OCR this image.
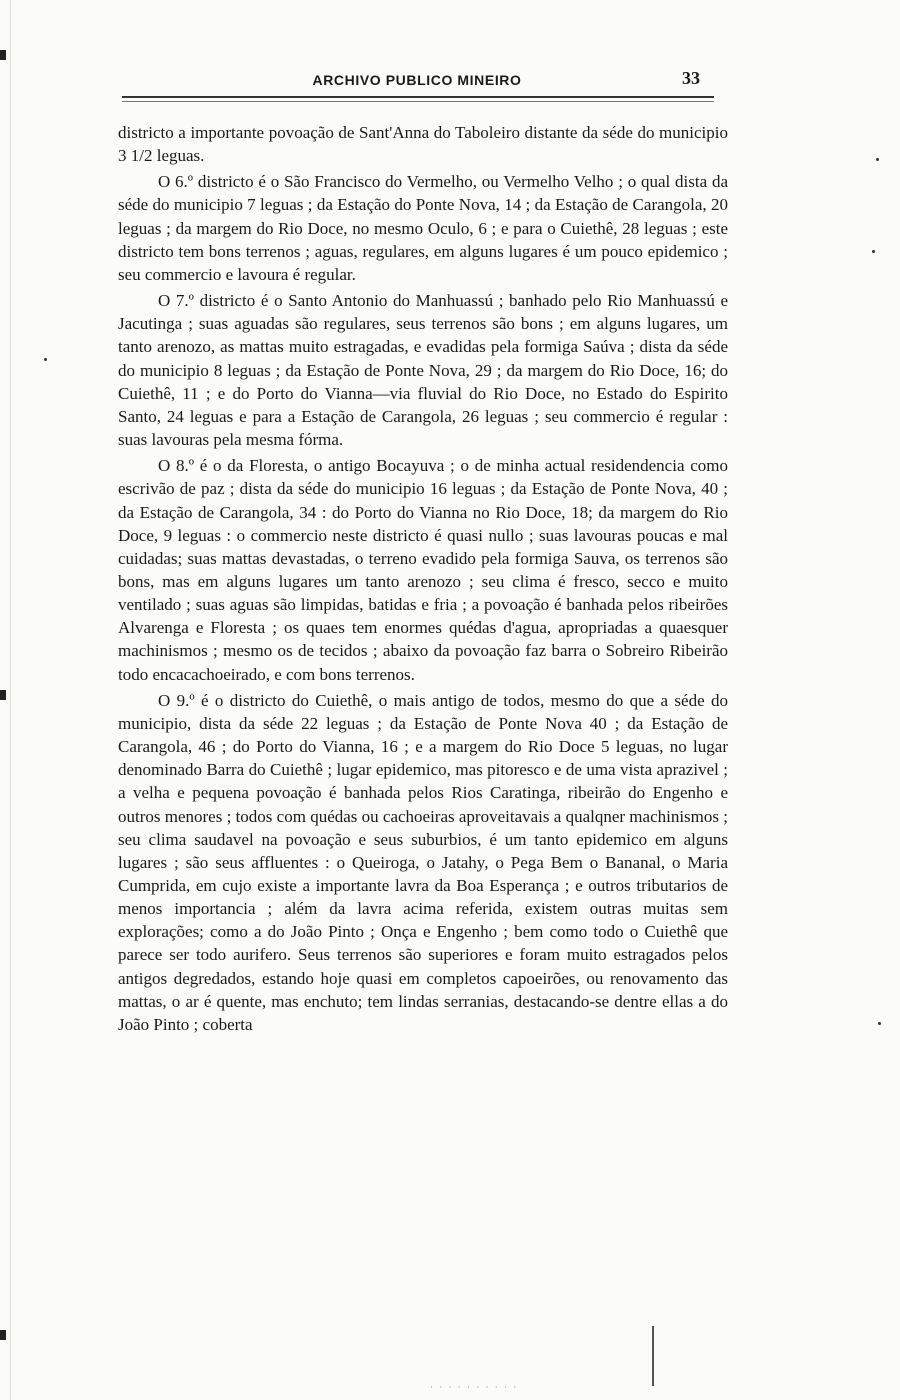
ARCHIVO PUBLICO MINEIRO	33

districto a importante povoação de Sant'Anna do Taboleiro distante da séde do municipio 3 1/2 leguas.

O 6.º districto é o São Francisco do Vermelho, ou Vermelho Velho ; o qual dista da séde do municipio 7 leguas ; da Estação do Ponte Nova, 14 ; da Estação de Carangola, 20 leguas ; da margem do Rio Doce, no mesmo Oculo, 6 ; e para o Cuiethê, 28 leguas ; este districto tem bons terrenos ; aguas, regulares, em alguns lugares é um pouco epidemico ; seu commercio e lavoura é regular.

O 7.º districto é o Santo Antonio do Manhuassú ; banhado pelo Rio Manhuassú e Jacutinga ; suas aguadas são regulares, seus terrenos são bons ; em alguns lugares, um tanto arenozo, as mattas muito estragadas, e evadidas pela formiga Saúva ; dista da séde do municipio 8 leguas ; da Estação de Ponte Nova, 29 ; da margem do Rio Doce, 16; do Cuiethê, 11 ; e do Porto do Vianna—via fluvial do Rio Doce, no Estado do Espirito Santo, 24 leguas e para a Estação de Carangola, 26 leguas ; seu commercio é regular : suas lavouras pela mesma fórma.

O 8.º é o da Floresta, o antigo Bocayuva ; o de minha actual residendencia como escrivão de paz ; dista da séde do municipio 16 leguas ; da Estação de Ponte Nova, 40 ; da Estação de Carangola, 34 : do Porto do Vianna no Rio Doce, 18; da margem do Rio Doce, 9 leguas : o commercio neste districto é quasi nullo ; suas lavouras poucas e mal cuidadas; suas mattas devastadas, o terreno evadido pela formiga Sauva, os terrenos são bons, mas em alguns lugares um tanto arenozo ; seu clima é fresco, secco e muito ventilado ; suas aguas são limpidas, batidas e fria ; a povoação é banhada pelos ribeirões Alvarenga e Floresta ; os quaes tem enormes quédas d'agua, apropriadas a quaesquer machinismos ; mesmo os de tecidos ; abaixo da povoação faz barra o Sobreiro Ribeirão todo encacachoeirado, e com bons terrenos.

O 9.º é o districto do Cuiethê, o mais antigo de todos, mesmo do que a séde do municipio, dista da séde 22 leguas ; da Estação de Ponte Nova 40 ; da Estação de Carangola, 46 ; do Porto do Vianna, 16 ; e a margem do Rio Doce 5 leguas, no lugar denominado Barra do Cuiethê ; lugar epidemico, mas pitoresco e de uma vista aprazivel ; a velha e pequena povoação é banhada pelos Rios Caratinga, ribeirão do Engenho e outros menores ; todos com quédas ou cachoeiras aproveitavais a qualqner machinismos ; seu clima saudavel na povoação e seus suburbios, é um tanto epidemico em alguns lugares ; são seus affluentes : o Queiroga, o Jatahy, o Pega Bem o Bananal, o Maria Cumprida, em cujo existe a importante lavra da Boa Esperança ; e outros tributarios de menos importancia ; além da lavra acima referida, existem outras muitas sem explorações; como a do João Pinto ; Onça e Engenho ; bem como todo o Cuiethê que parece ser todo aurifero. Seus terrenos são superiores e foram muito estragados pelos antigos degredados, estando hoje quasi em completos capoeirões, ou renovamento das mattas, o ar é quente, mas enchuto; tem lindas serranias, destacando-se dentre ellas a do João Pinto ; coberta

· · · · · · · · · ·
